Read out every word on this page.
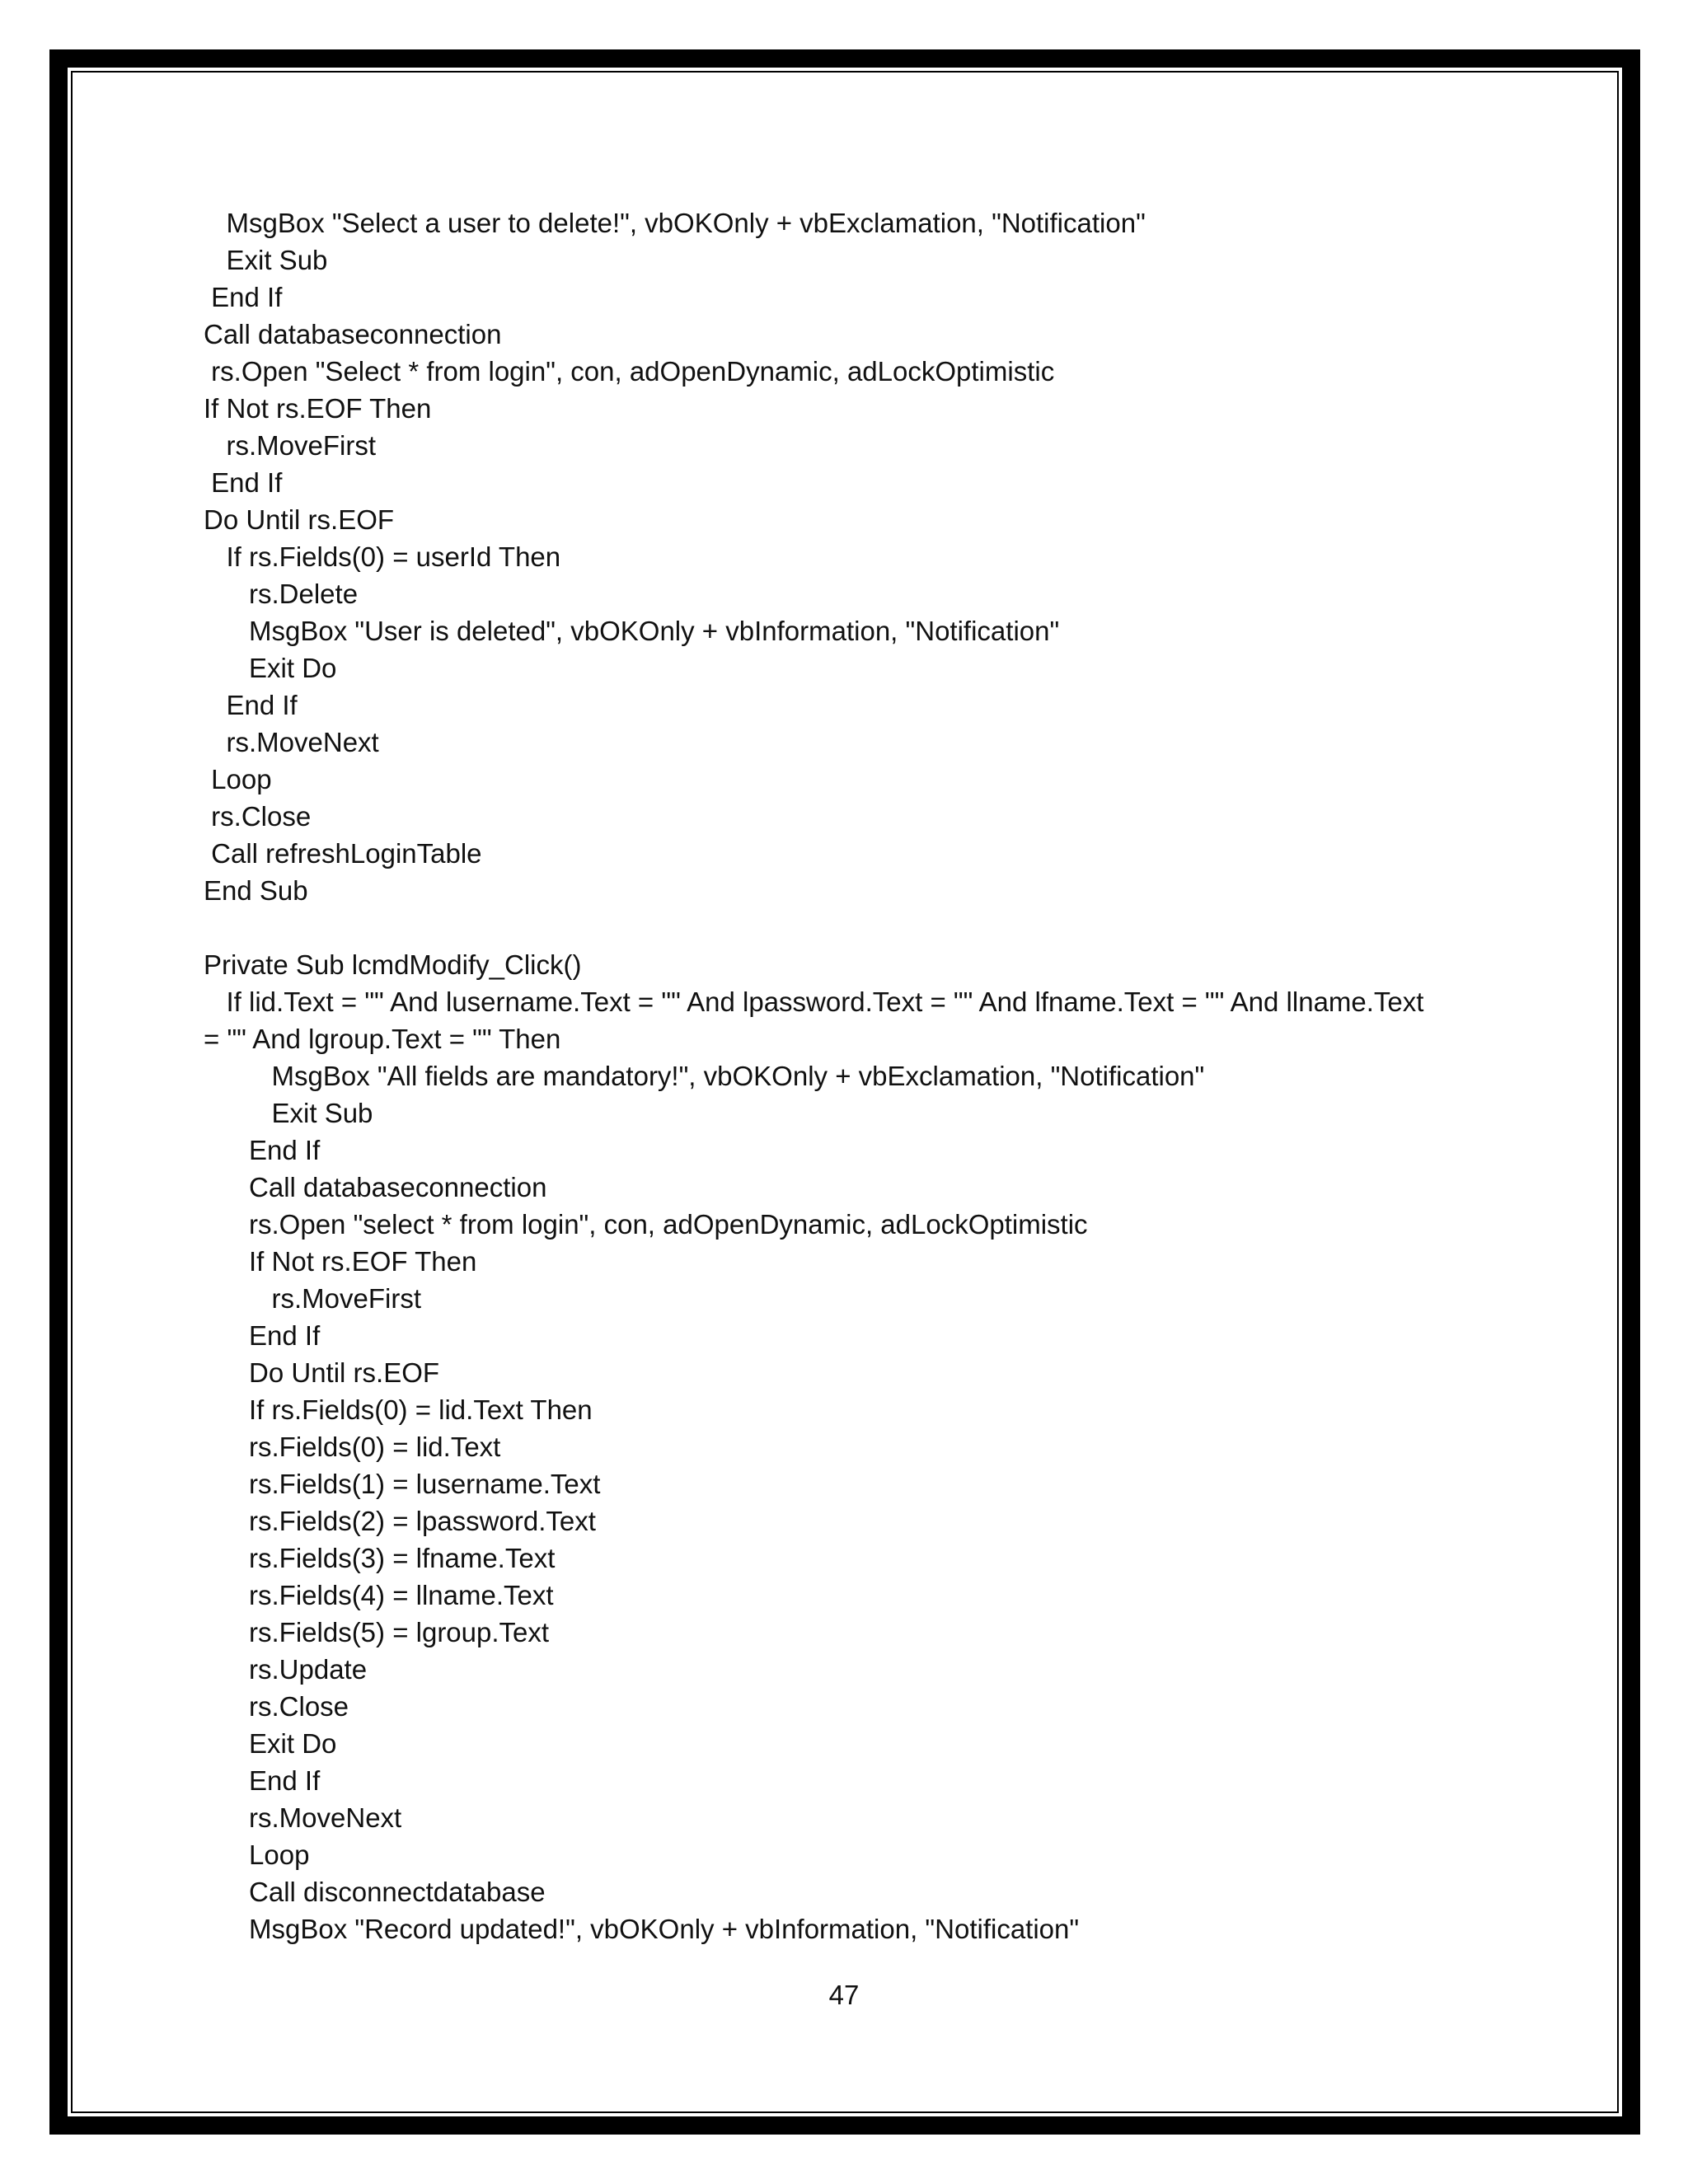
MsgBox "Select a user to delete!", vbOKOnly + vbExclamation, "Notification"
Exit Sub
End If
Call databaseconnection
rs.Open "Select * from login", con, adOpenDynamic, adLockOptimistic
If Not rs.EOF Then
rs.MoveFirst
End If
Do Until rs.EOF
If rs.Fields(0) = userId Then
rs.Delete
MsgBox "User is deleted", vbOKOnly + vbInformation, "Notification"
Exit Do
End If
rs.MoveNext
Loop
rs.Close
Call refreshLoginTable
End Sub
Private Sub lcmdModify_Click()
If lid.Text = "" And lusername.Text = "" And lpassword.Text = "" And lfname.Text = "" And llname.Text
= "" And lgroup.Text = "" Then
MsgBox "All fields are mandatory!", vbOKOnly + vbExclamation, "Notification"
Exit Sub
End If
Call databaseconnection
rs.Open "select * from login", con, adOpenDynamic, adLockOptimistic
If Not rs.EOF Then
rs.MoveFirst
End If
Do Until rs.EOF
If rs.Fields(0) = lid.Text Then
rs.Fields(0) = lid.Text
rs.Fields(1) = lusername.Text
rs.Fields(2) = lpassword.Text
rs.Fields(3) = lfname.Text
rs.Fields(4) = llname.Text
rs.Fields(5) = lgroup.Text
rs.Update
rs.Close
Exit Do
End If
rs.MoveNext
Loop
Call disconnectdatabase
MsgBox "Record updated!", vbOKOnly + vbInformation, "Notification"
47
